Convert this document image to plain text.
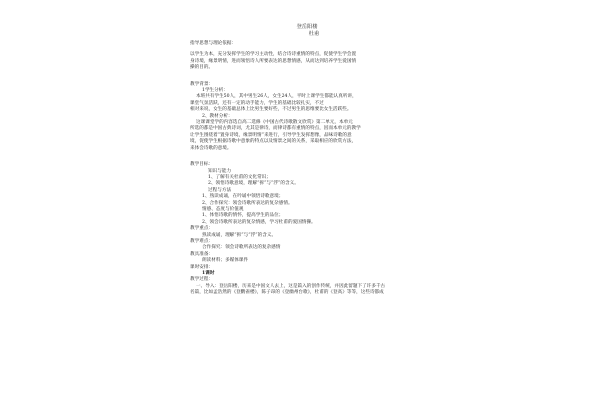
登岳阳楼
杜甫
指导思想与理论依据：
以学生为本，充分发挥学生的学习主动性，结合诗诗重情的特点，促使学生学会置
身诗境，缘景明情，进而领悟诗人所要表达的思想情感，从而达到培养学生爱国情
操的目的。
教学背景：
1学生分析：
本班共有学生50人，其中男生26人，女生24人，平时上课学生都能认真听讲，
课堂气氛活跃，还有一定的动手能力，学生的基础比较扎实，不过
相对来说，女生的基础总体上比男生要好些，不过男生的思维要比女生活跃些。
2、教材分析：
这课课堂学的内容选自高二选修《中国古代诗歌散文欣赏》第二单元，本单元
所选的都是中国古典诗词，尤其是律诗，而律诗都有重情的特点，因而本单元的教学
让学生围绕着“置身诗境，缘景明情”来进行，引导学生发挥想像，品味诗歌的意
境，促使学生根据诗歌中意象的特点以及情景之间的关系，采取相应的欣赏方法，
来体会诗歌的意境。
教学目标：
知识与能力
1、了解有关杜甫的文化常识；
2、领悟诗歌意境，理解“拆”与“浮”的含义。
过程与方法
1、熟读成诵，在吟诵中领悟诗歌意境；
2、合作探究：领会诗歌所表达的复杂感情。
情感、态度与价值观
1、体悟诗歌的情怀，提高学生的品位；
2、领会诗歌所表达的复杂情感，学习杜甫的爱国情操。
教学重点：
熟读成诵，理解“拆”与“浮”的含义。
教学难点：
合作探究：领会诗歌所表达的复杂感情
教具准备：
朗读材料；多媒体课件
课时安排：
1课时
教学过程：
一、导入：登岳阳楼，历来是中国文人去上，这是篇入的创作传统，并因此留题下了许多千古
名篇，比如孟浩然的《登鹳雀楼》，陈子昂的《登幽州台歌》，杜甫的《登高》等等，这些诗都成
